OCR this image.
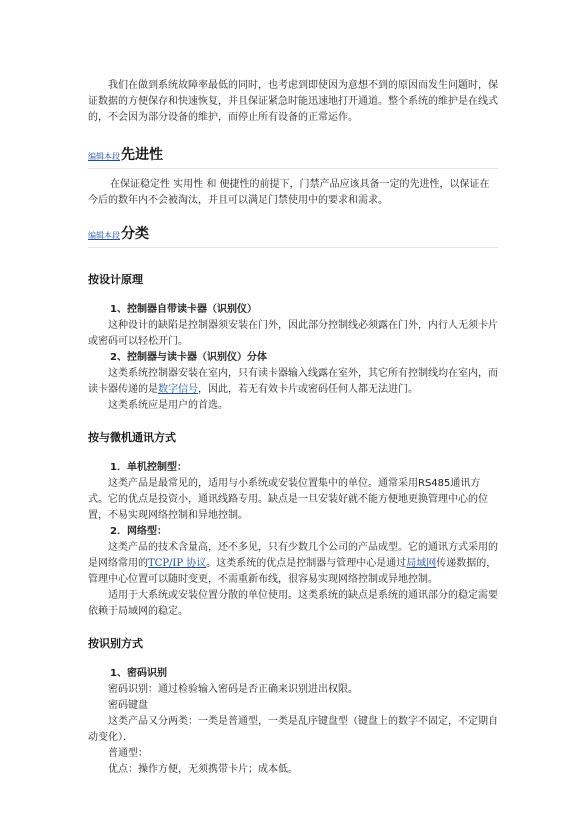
我们在做到系统故障率最低的同时，也考虑到即使因为意想不到的原因而发生问题时，保证数据的方便保存和快速恢复，并且保证紧急时能迅速地打开通道。整个系统的维护是在线式的，不会因为部分设备的维护，而停止所有设备的正常运作。

编辑本段 先进性

在保证稳定性 实用性 和 便捷性的前提下，门禁产品应该具备一定的先进性，以保证在今后的数年内不会被淘汰，并且可以满足门禁使用中的要求和需求。

编辑本段 分类
按设计原理

1、控制器自带读卡器（识别仪）

这种设计的缺陷是控制器须安装在门外，因此部分控制线必须露在门外，内行人无须卡片或密码可以轻松开门。

2、控制器与读卡器（识别仪）分体

这类系统控制器安装在室内，只有读卡器输入线露在室外，其它所有控制线均在室内，而读卡器传递的是数字信号，因此，若无有效卡片或密码任何人都无法进门。

这类系统应是用户的首选。

按与微机通讯方式

1．单机控制型：

这类产品是最常见的，适用与小系统或安装位置集中的单位。通常采用RS485通讯方式。它的优点是投资小，通讯线路专用。缺点是一旦安装好就不能方便地更换管理中心的位置，不易实现网络控制和异地控制。

2．网络型：

这类产品的技术含量高，还不多见，只有少数几个公司的产品成型。它的通讯方式采用的是网络常用的TCP/IP 协议。这类系统的优点是控制器与管理中心是通过局域网传递数据的，管理中心位置可以随时变更，不需重新布线，很容易实现网络控制或异地控制。

适用于大系统或安装位置分散的单位使用。这类系统的缺点是系统的通讯部分的稳定需要依赖于局域网的稳定。

按识别方式

1、密码识别

密码识别：通过检验输入密码是否正确来识别进出权限。

密码键盘

这类产品又分两类：一类是普通型，一类是乱序键盘型（键盘上的数字不固定，不定期自动变化）．

普通型：

优点：操作方便，无须携带卡片；成本低。
